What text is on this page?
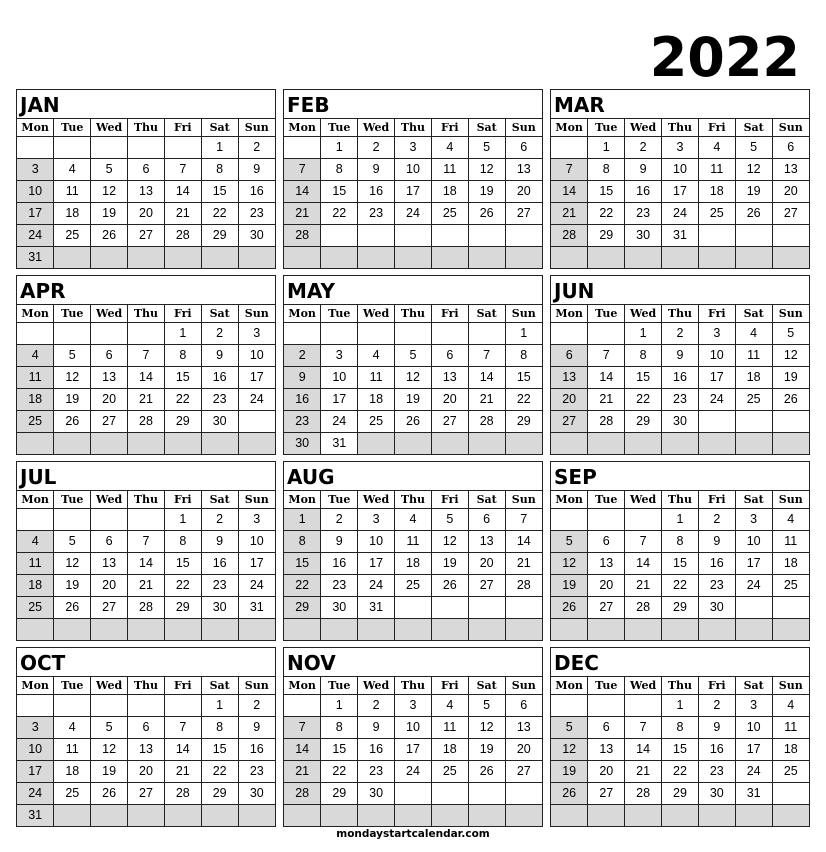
2022
JAN
Mon	Tue	Wed	Thu	Fri	Sat	Sun
					1	2
3	4	5	6	7	8	9
10	11	12	13	14	15	16
17	18	19	20	21	22	23
24	25	26	27	28	29	30
31						
FEB
Mon	Tue	Wed	Thu	Fri	Sat	Sun
	1	2	3	4	5	6
7	8	9	10	11	12	13
14	15	16	17	18	19	20
21	22	23	24	25	26	27
28						

MAR
Mon	Tue	Wed	Thu	Fri	Sat	Sun
	1	2	3	4	5	6
7	8	9	10	11	12	13
14	15	16	17	18	19	20
21	22	23	24	25	26	27
28	29	30	31			

APR
Mon	Tue	Wed	Thu	Fri	Sat	Sun
				1	2	3
4	5	6	7	8	9	10
11	12	13	14	15	16	17
18	19	20	21	22	23	24
25	26	27	28	29	30	

MAY
Mon	Tue	Wed	Thu	Fri	Sat	Sun
						1
2	3	4	5	6	7	8
9	10	11	12	13	14	15
16	17	18	19	20	21	22
23	24	25	26	27	28	29
30	31					
JUN
Mon	Tue	Wed	Thu	Fri	Sat	Sun
		1	2	3	4	5
6	7	8	9	10	11	12
13	14	15	16	17	18	19
20	21	22	23	24	25	26
27	28	29	30			

JUL
Mon	Tue	Wed	Thu	Fri	Sat	Sun
				1	2	3
4	5	6	7	8	9	10
11	12	13	14	15	16	17
18	19	20	21	22	23	24
25	26	27	28	29	30	31

AUG
Mon	Tue	Wed	Thu	Fri	Sat	Sun
1	2	3	4	5	6	7
8	9	10	11	12	13	14
15	16	17	18	19	20	21
22	23	24	25	26	27	28
29	30	31				

SEP
Mon	Tue	Wed	Thu	Fri	Sat	Sun
			1	2	3	4
5	6	7	8	9	10	11
12	13	14	15	16	17	18
19	20	21	22	23	24	25
26	27	28	29	30		

OCT
Mon	Tue	Wed	Thu	Fri	Sat	Sun
					1	2
3	4	5	6	7	8	9
10	11	12	13	14	15	16
17	18	19	20	21	22	23
24	25	26	27	28	29	30
31						
NOV
Mon	Tue	Wed	Thu	Fri	Sat	Sun
	1	2	3	4	5	6
7	8	9	10	11	12	13
14	15	16	17	18	19	20
21	22	23	24	25	26	27
28	29	30				

DEC
Mon	Tue	Wed	Thu	Fri	Sat	Sun
			1	2	3	4
5	6	7	8	9	10	11
12	13	14	15	16	17	18
19	20	21	22	23	24	25
26	27	28	29	30	31	

mondaystartcalendar.com
